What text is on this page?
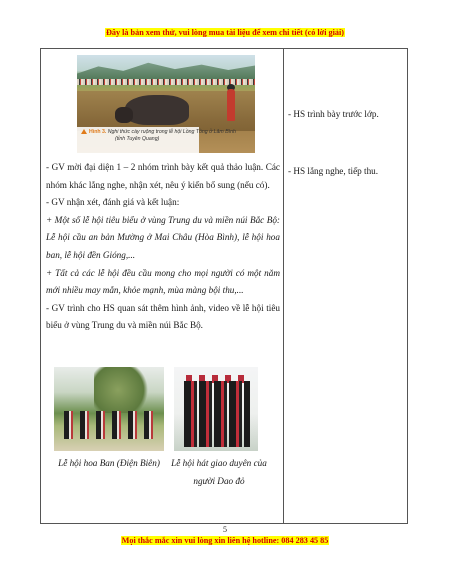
Đây là bản xem thử, vui lòng mua tài liệu để xem chi tiết (có lời giải)
Hình 3. Nghi thức cày ruộng trong lễ hội Lồng Tồng ở Lâm Bình
(tỉnh Tuyên Quang)

- GV mời đại diện 1 – 2 nhóm trình bày kết quả thảo luận. Các nhóm khác lắng nghe, nhận xét, nêu ý kiến bổ sung (nếu có).

- GV nhận xét, đánh giá và kết luận:

+ Một số lễ hội tiêu biểu ở vùng Trung du và miền núi Bắc Bộ: Lễ hội cầu an bản Mường ở Mai Châu (Hòa Bình), lễ hội hoa ban, lễ hội đền Gióng,...

+ Tất cả các lễ hội đều cầu mong cho mọi người có một năm mới nhiều may mắn, khỏe mạnh, mùa màng bội thu,...

- GV trình cho HS quan sát thêm hình ảnh, video về lễ hội tiêu biểu ở vùng Trung du và miền núi Bắc Bộ.

Lễ hội hoa Ban (Điện Biên)	Lễ hội hát giao duyên của
người Dao đỏ
- HS trình bày trước lớp.
- HS lắng nghe, tiếp thu.
5
Mọi thắc mắc xin vui lòng xin liên hệ hotline: 084 283 45 85
